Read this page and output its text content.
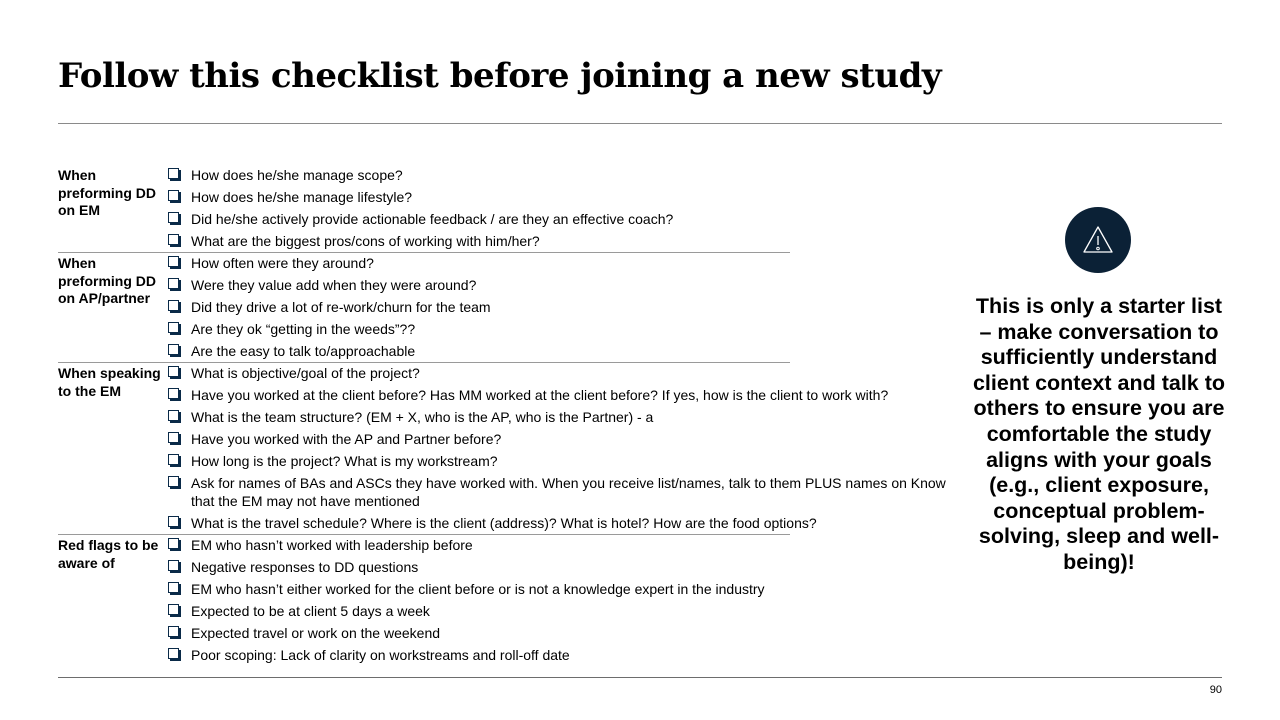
Follow this checklist before joining a new study
When preforming DD on EM
How does he/she manage scope?
How does he/she manage lifestyle?
Did he/she actively provide actionable feedback / are they an effective coach?
What are the biggest pros/cons of working with him/her?
When preforming DD on AP/partner
How often were they around?
Were they value add when they were around?
Did they drive a lot of re-work/churn for the team
Are they ok “getting in the weeds”??
Are the easy to talk to/approachable
When speaking to the EM
What is objective/goal of the project?
Have you worked at the client before? Has MM worked at the client before? If yes, how is the client to work with?
What is the team structure? (EM + X, who is the AP, who is the Partner) - a
Have you worked with the AP and Partner before?
How long is the project? What is my workstream?
Ask for names of BAs and ASCs they have worked with. When you receive list/names, talk to them PLUS names on Know that the EM may not have mentioned
What is the travel schedule? Where is the client (address)? What is hotel? How are the food options?
Red flags to be aware of
EM who hasn’t worked with leadership before
Negative responses to DD questions
EM who hasn’t either worked for the client before or is not a knowledge expert in the industry
Expected to be at client 5 days a week
Expected travel or work on the weekend
Poor scoping: Lack of clarity on workstreams and roll-off date
This is only a starter list – make conversation to sufficiently understand client context and talk to others to ensure you are comfortable the study aligns with your goals (e.g., client exposure, conceptual problem-solving, sleep and well-being)!
90
